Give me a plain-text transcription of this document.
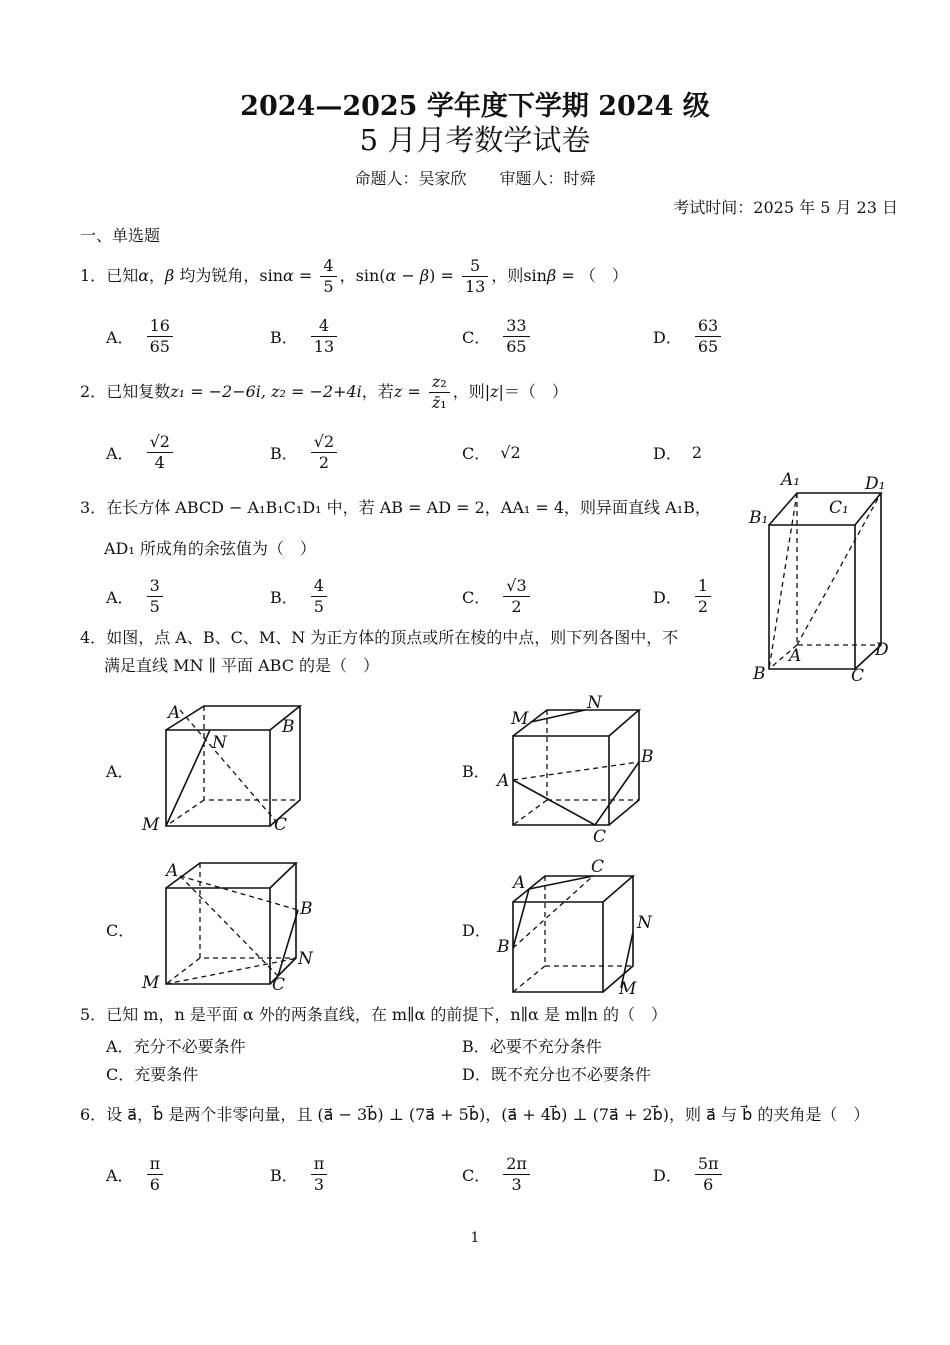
2024—2025 学年度下学期 2024 级
5 月月考数学试卷
命题人：吴家欣 审题人：时舜
考试时间：2025 年 5 月 23 日
一、单选题
1．已知α，β 均为锐角，$\sin\alpha = \frac{4}{5}$ ，$\sin(\alpha - \beta) = \frac{5}{13}$ ，则sinβ = （　）
A． $\frac{16}{65}$	B． $\frac{4}{13}$	C． $\frac{33}{65}$	D． $\frac{63}{65}$
2．已知复数z₁ = −2−6i, z₂ = −2+4i，若$z = \frac{\text{z₂}}{\text{z̄₁}}$ ，则|z|＝（　）
A． $\frac{√2}{4}$	B． $\frac{√2}{2}$	C． √2	D． 2
3．在长方体 ABCD − A₁B₁C₁D₁ 中，若 AB = AD = 2，AA₁ = 4，则异面直线 A₁B，
AD₁ 所成角的余弦值为（　）
A． $\frac{3}{5}$	B． $\frac{4}{5}$	C． $\frac{√3}{2}$	D． $\frac{1}{2}$
A₁	D₁
B₁	C₁
A	D
B	C
4．如图，点 A、B、C、M、N 为正方体的顶点或所在棱的中点，则下列各图中，不
满足直线 MN ∥ 平面 ABC 的是（　）
A．	B．
C．	D．
A
B
C
M
N
M
N
B
A
C
A
B
C
M
N
A
C
B
N
M
5．已知 m，n 是平面 α 外的两条直线，在 m∥α 的前提下，n∥α 是 m∥n 的（　）
A．充分不必要条件	B．必要不充分条件
C．充要条件	D．既不充分也不必要条件
6．设 a⃗，b⃗ 是两个非零向量，且 (a⃗ − 3b⃗) ⊥ (7a⃗ + 5b⃗)，(a⃗ + 4b⃗) ⊥ (7a⃗ + 2b⃗)，则 a⃗ 与 b⃗ 的夹角是（　）
A． $\frac{\pi}{6}$	B． $\frac{\pi}{3}$	C． $\frac{2\pi}{3}$	D． $\frac{5\pi}{6}$
1
